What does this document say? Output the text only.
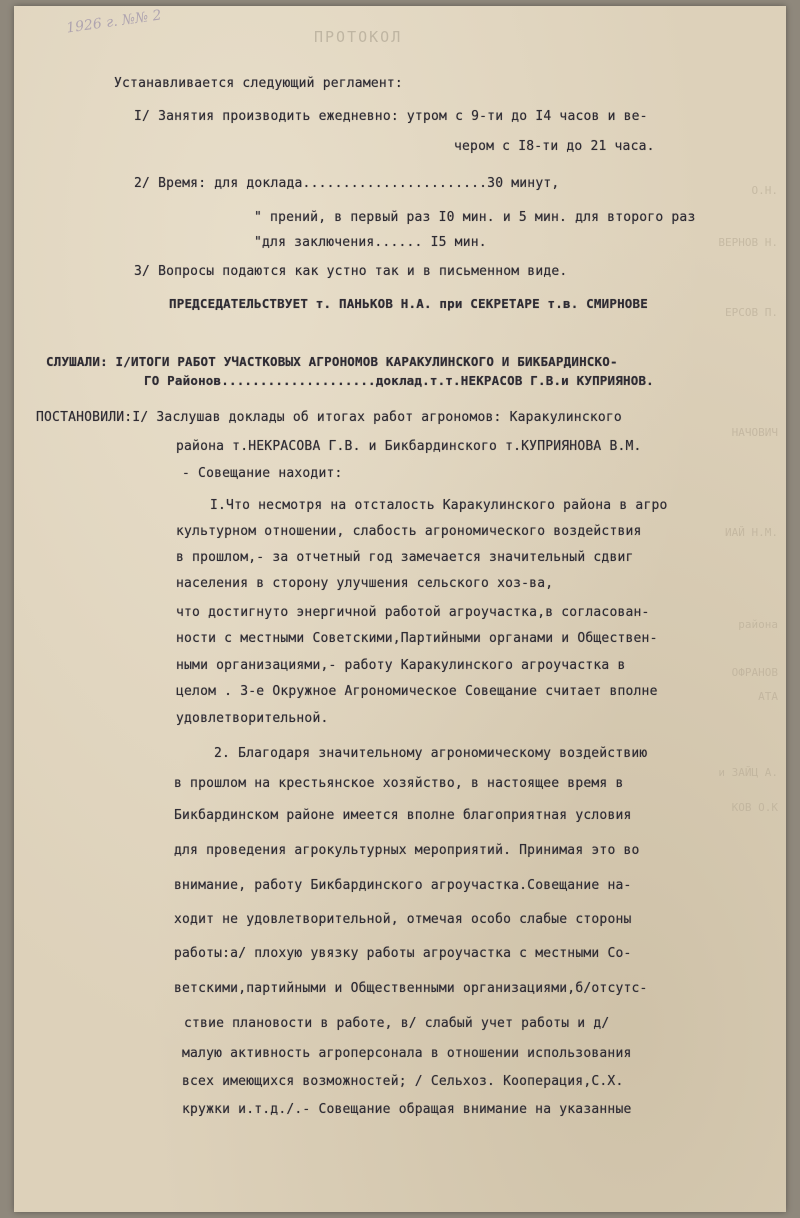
1926 г. №№ 2
ПРОТОКОЛ
О.Н.
ВЕРНОВ Н.
ЕРСОВ П.
НАЧОВИЧ
ИАЙ Н.М.
района
ОФРАНОВ
АТА
и ЗАЙЦ А.
КОВ О.К
Устанавливается следующий регламент:
I/ Занятия производить ежедневно: утром с 9-ти до I4 часов и ве-
чером с I8-ти до 21 часа.
2/ Время: для доклада.......................30 минут,
" прений, в первый раз I0 мин. и 5 мин. для второго раз
"для заключения...... I5 мин.
3/ Вопросы подаются как устно так и в письменном виде.
ПРЕДСЕДАТЕЛЬСТВУЕТ т. ПАНЬКОВ Н.А. при СЕКРЕТАРЕ т.в. СМИРНОВЕ
СЛУШАЛИ: I/ИТОГИ РАБОТ УЧАСТКОВЫХ АГРОНОМОВ КАРАКУЛИНСКОГО И БИКБАРДИНСКО-
ГО Районов....................доклад.т.т.НЕКРАСОВ Г.В.и КУПРИЯНОВ.
ПОСТАНОВИЛИ:I/ Заслушав доклады об итогах работ агрономов: Каракулинского
района т.НЕКРАСОВА Г.В. и Бикбардинского т.КУПРИЯНОВА В.М.
- Совещание находит:
I.Что несмотря на отсталость Каракулинского района в агро
культурном отношении, слабость агрономического воздействия
в прошлом,- за отчетный год замечается значительный сдвиг
населения в сторону улучшения сельского хоз-ва,
что достигнуто энергичной работой агроучастка,в согласован-
ности с местными Советскими,Партийными органами и Обществен-
ными организациями,- работу Каракулинского агроучастка в
целом . 3-е Окружное Агрономическое Совещание считает вполне
удовлетворительной.
2. Благодаря значительному агрономическому воздействию
в прошлом на крестьянское хозяйство, в настоящее время в
Бикбардинском районе имеется вполне благоприятная условия
для проведения агрокультурных мероприятий. Принимая это во
внимание, работу Бикбардинского агроучастка.Совещание на-
ходит не удовлетворительной, отмечая особо слабые стороны
работы:а/ плохую увязку работы агроучастка с местными Со-
ветскими,партийными и Общественными организациями,б/отсутс-
ствие плановости в работе, в/ слабый учет работы и д/
малую активность агроперсонала в отношении использования
всех имеющихся возможностей; / Сельхоз. Кооперация,С.Х.
кружки и.т.д./.- Совещание обращая внимание на указанные
